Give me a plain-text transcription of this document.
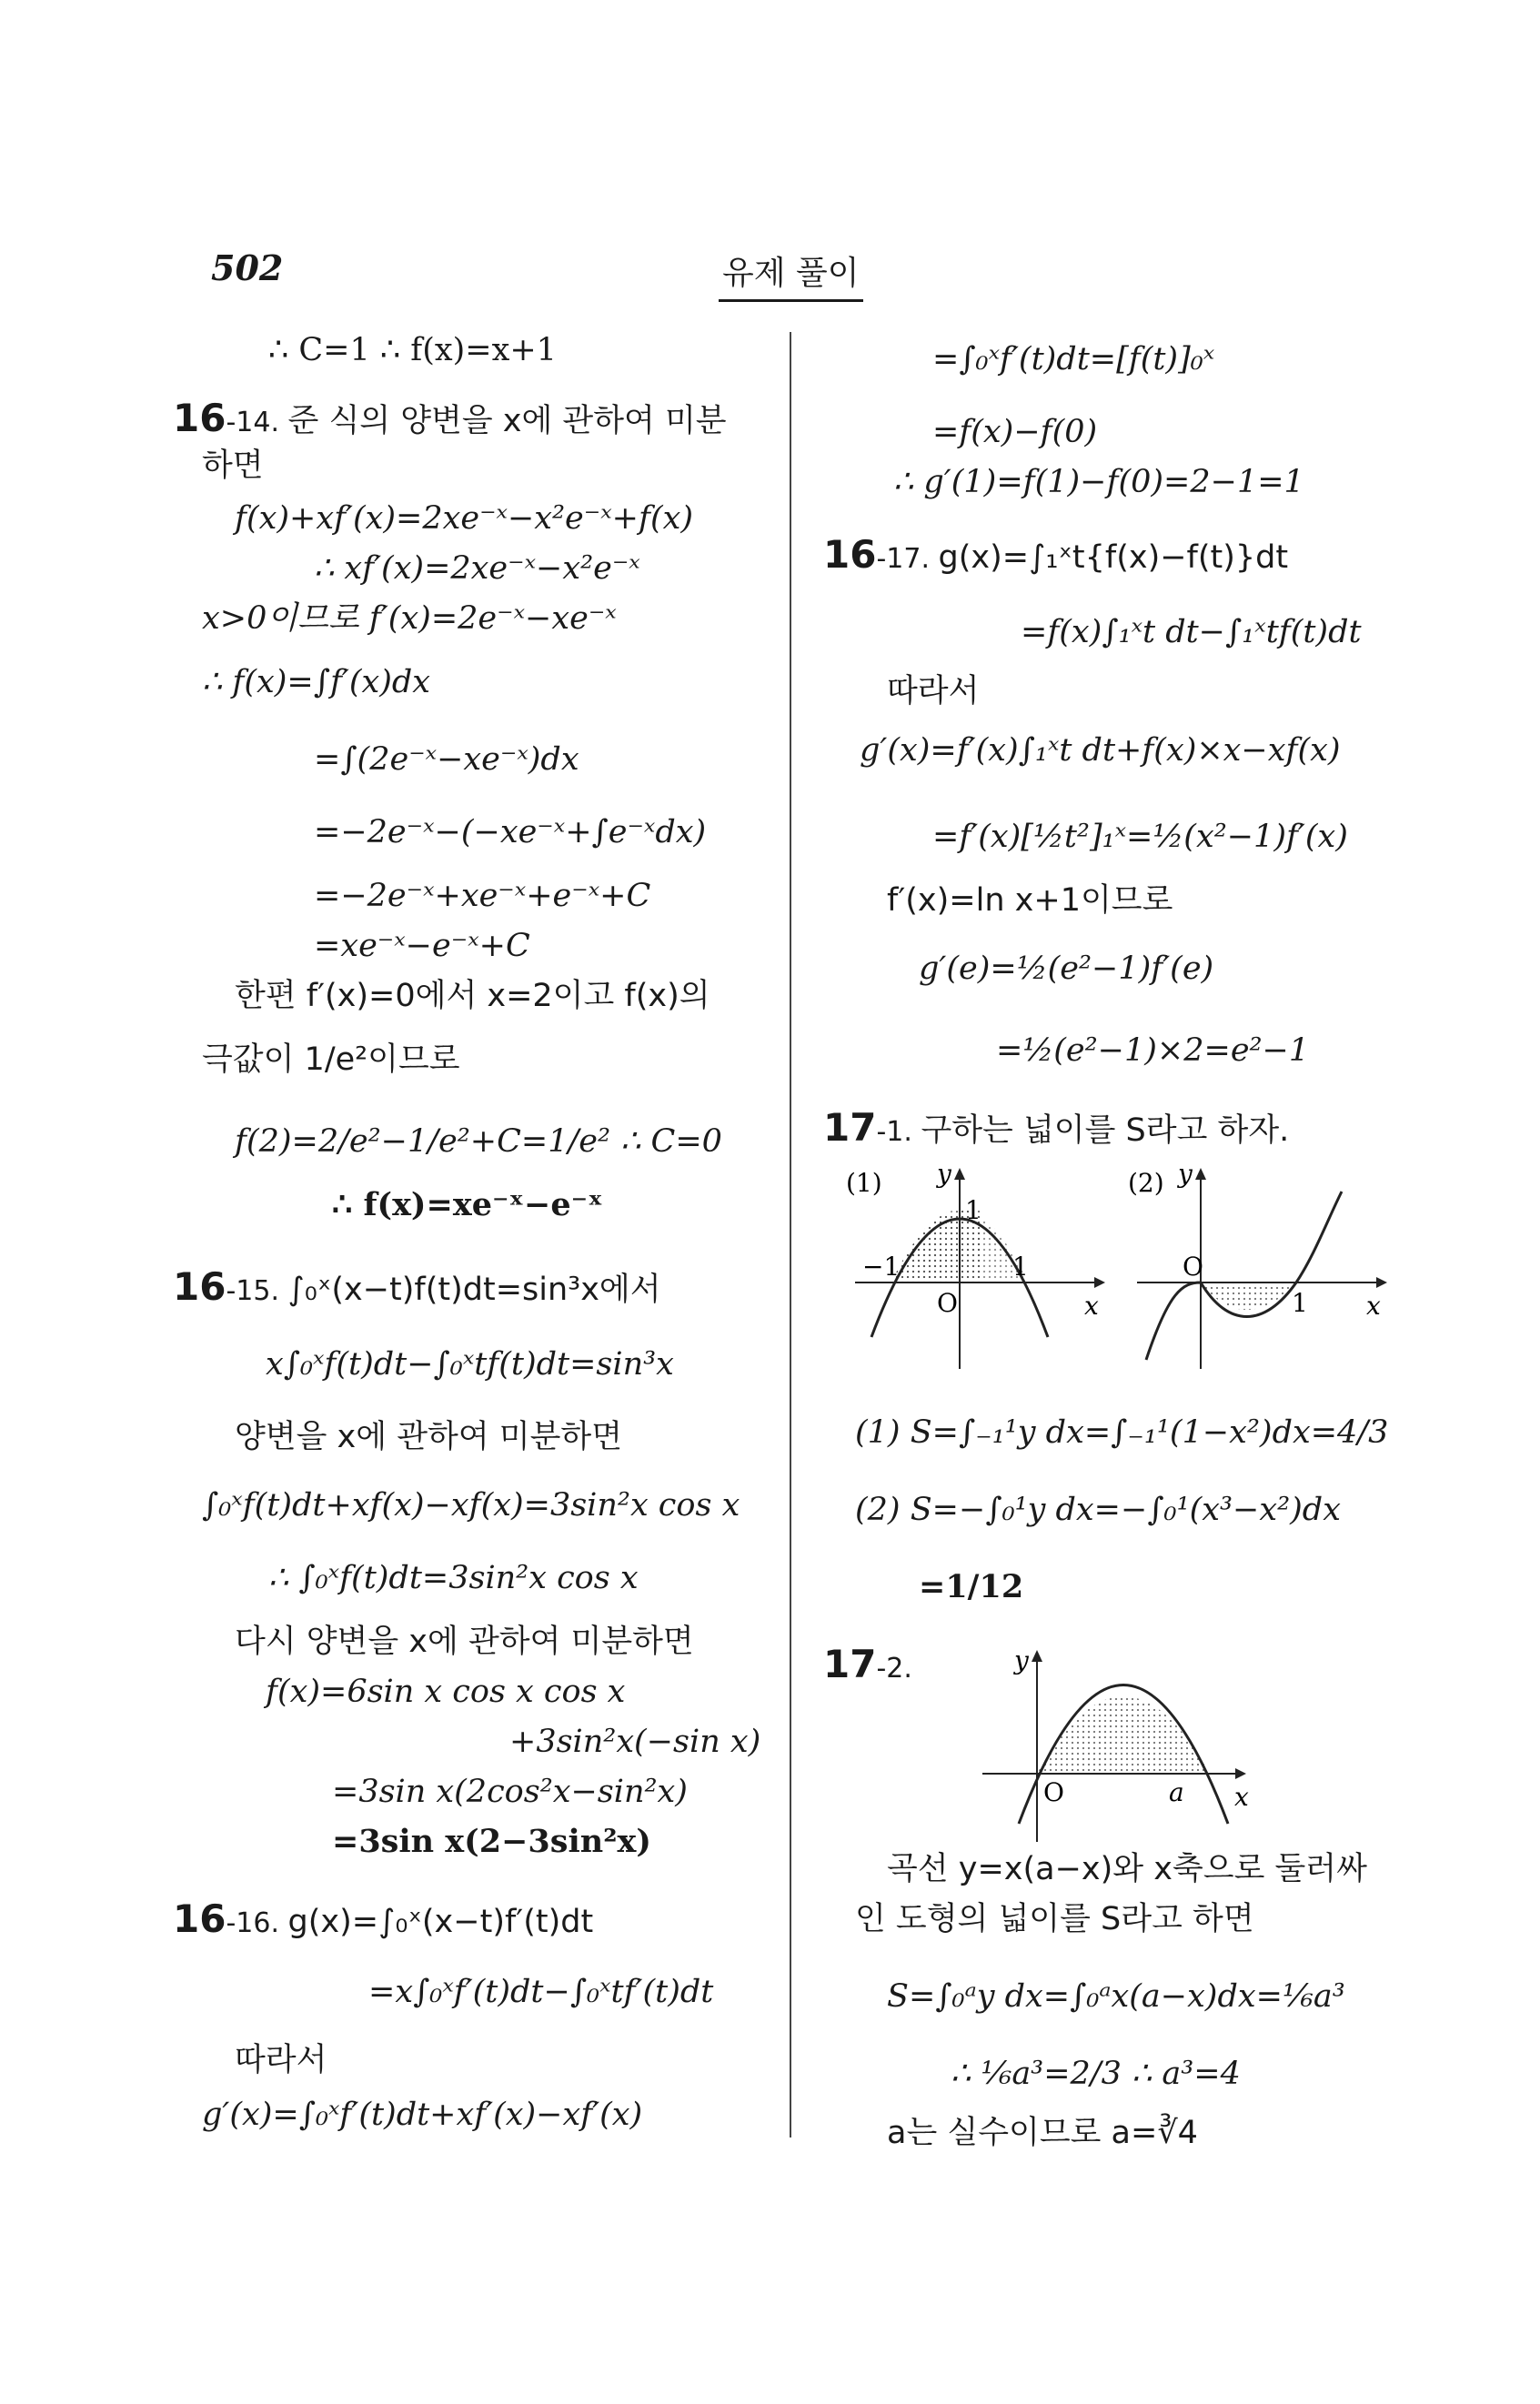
502	유제 풀이
∴ C=1 ∴ f(x)=x+1
16-14. 준 식의 양변을 x에 관하여 미분
하면
f(x)+xf′(x)=2xe⁻ˣ−x²e⁻ˣ+f(x)
∴ xf′(x)=2xe⁻ˣ−x²e⁻ˣ
x>0이므로 f′(x)=2e⁻ˣ−xe⁻ˣ
∴ f(x)=∫f′(x)dx
=∫(2e⁻ˣ−xe⁻ˣ)dx
=−2e⁻ˣ−(−xe⁻ˣ+∫e⁻ˣdx)
=−2e⁻ˣ+xe⁻ˣ+e⁻ˣ+C
=xe⁻ˣ−e⁻ˣ+C
한편 f′(x)=0에서 x=2이고 f(x)의
극값이 1/e²이므로
f(2)=2/e²−1/e²+C=1/e² ∴ C=0
∴ f(x)=xe⁻ˣ−e⁻ˣ
16-15. ∫₀ˣ(x−t)f(t)dt=sin³x에서
x∫₀ˣf(t)dt−∫₀ˣtf(t)dt=sin³x
양변을 x에 관하여 미분하면
∫₀ˣf(t)dt+xf(x)−xf(x)=3sin²x cos x
∴ ∫₀ˣf(t)dt=3sin²x cos x
다시 양변을 x에 관하여 미분하면
f(x)=6sin x cos x cos x
+3sin²x(−sin x)
=3sin x(2cos²x−sin²x)
=3sin x(2−3sin²x)
16-16. g(x)=∫₀ˣ(x−t)f′(t)dt
=x∫₀ˣf′(t)dt−∫₀ˣtf′(t)dt
따라서
g′(x)=∫₀ˣf′(t)dt+xf′(x)−xf′(x)
=∫₀ˣf′(t)dt=[f(t)]₀ˣ
=f(x)−f(0)
∴ g′(1)=f(1)−f(0)=2−1=1
16-17. g(x)=∫₁ˣt{f(x)−f(t)}dt
=f(x)∫₁ˣt dt−∫₁ˣtf(t)dt
따라서
g′(x)=f′(x)∫₁ˣt dt+f(x)×x−xf(x)
=f′(x)[½t²]₁ˣ=½(x²−1)f′(x)
f′(x)=ln x+1이므로
g′(e)=½(e²−1)f′(e)
=½(e²−1)×2=e²−1
17-1. 구하는 넓이를 S라고 하자.
(1) S=∫₋₁¹y dx=∫₋₁¹(1−x²)dx=4/3
(2) S=−∫₀¹y dx=−∫₀¹(x³−x²)dx
=1/12
17-2.
곡선 y=x(a−x)와 x축으로 둘러싸
인 도형의 넓이를 S라고 하면
S=∫₀ᵃy dx=∫₀ᵃx(a−x)dx=⅙a³
∴ ⅙a³=2/3 ∴ a³=4
a는 실수이므로 a=∛4
(1) y
1
−1	1
O	x
(2) y
O
1 x
y
O	a x
